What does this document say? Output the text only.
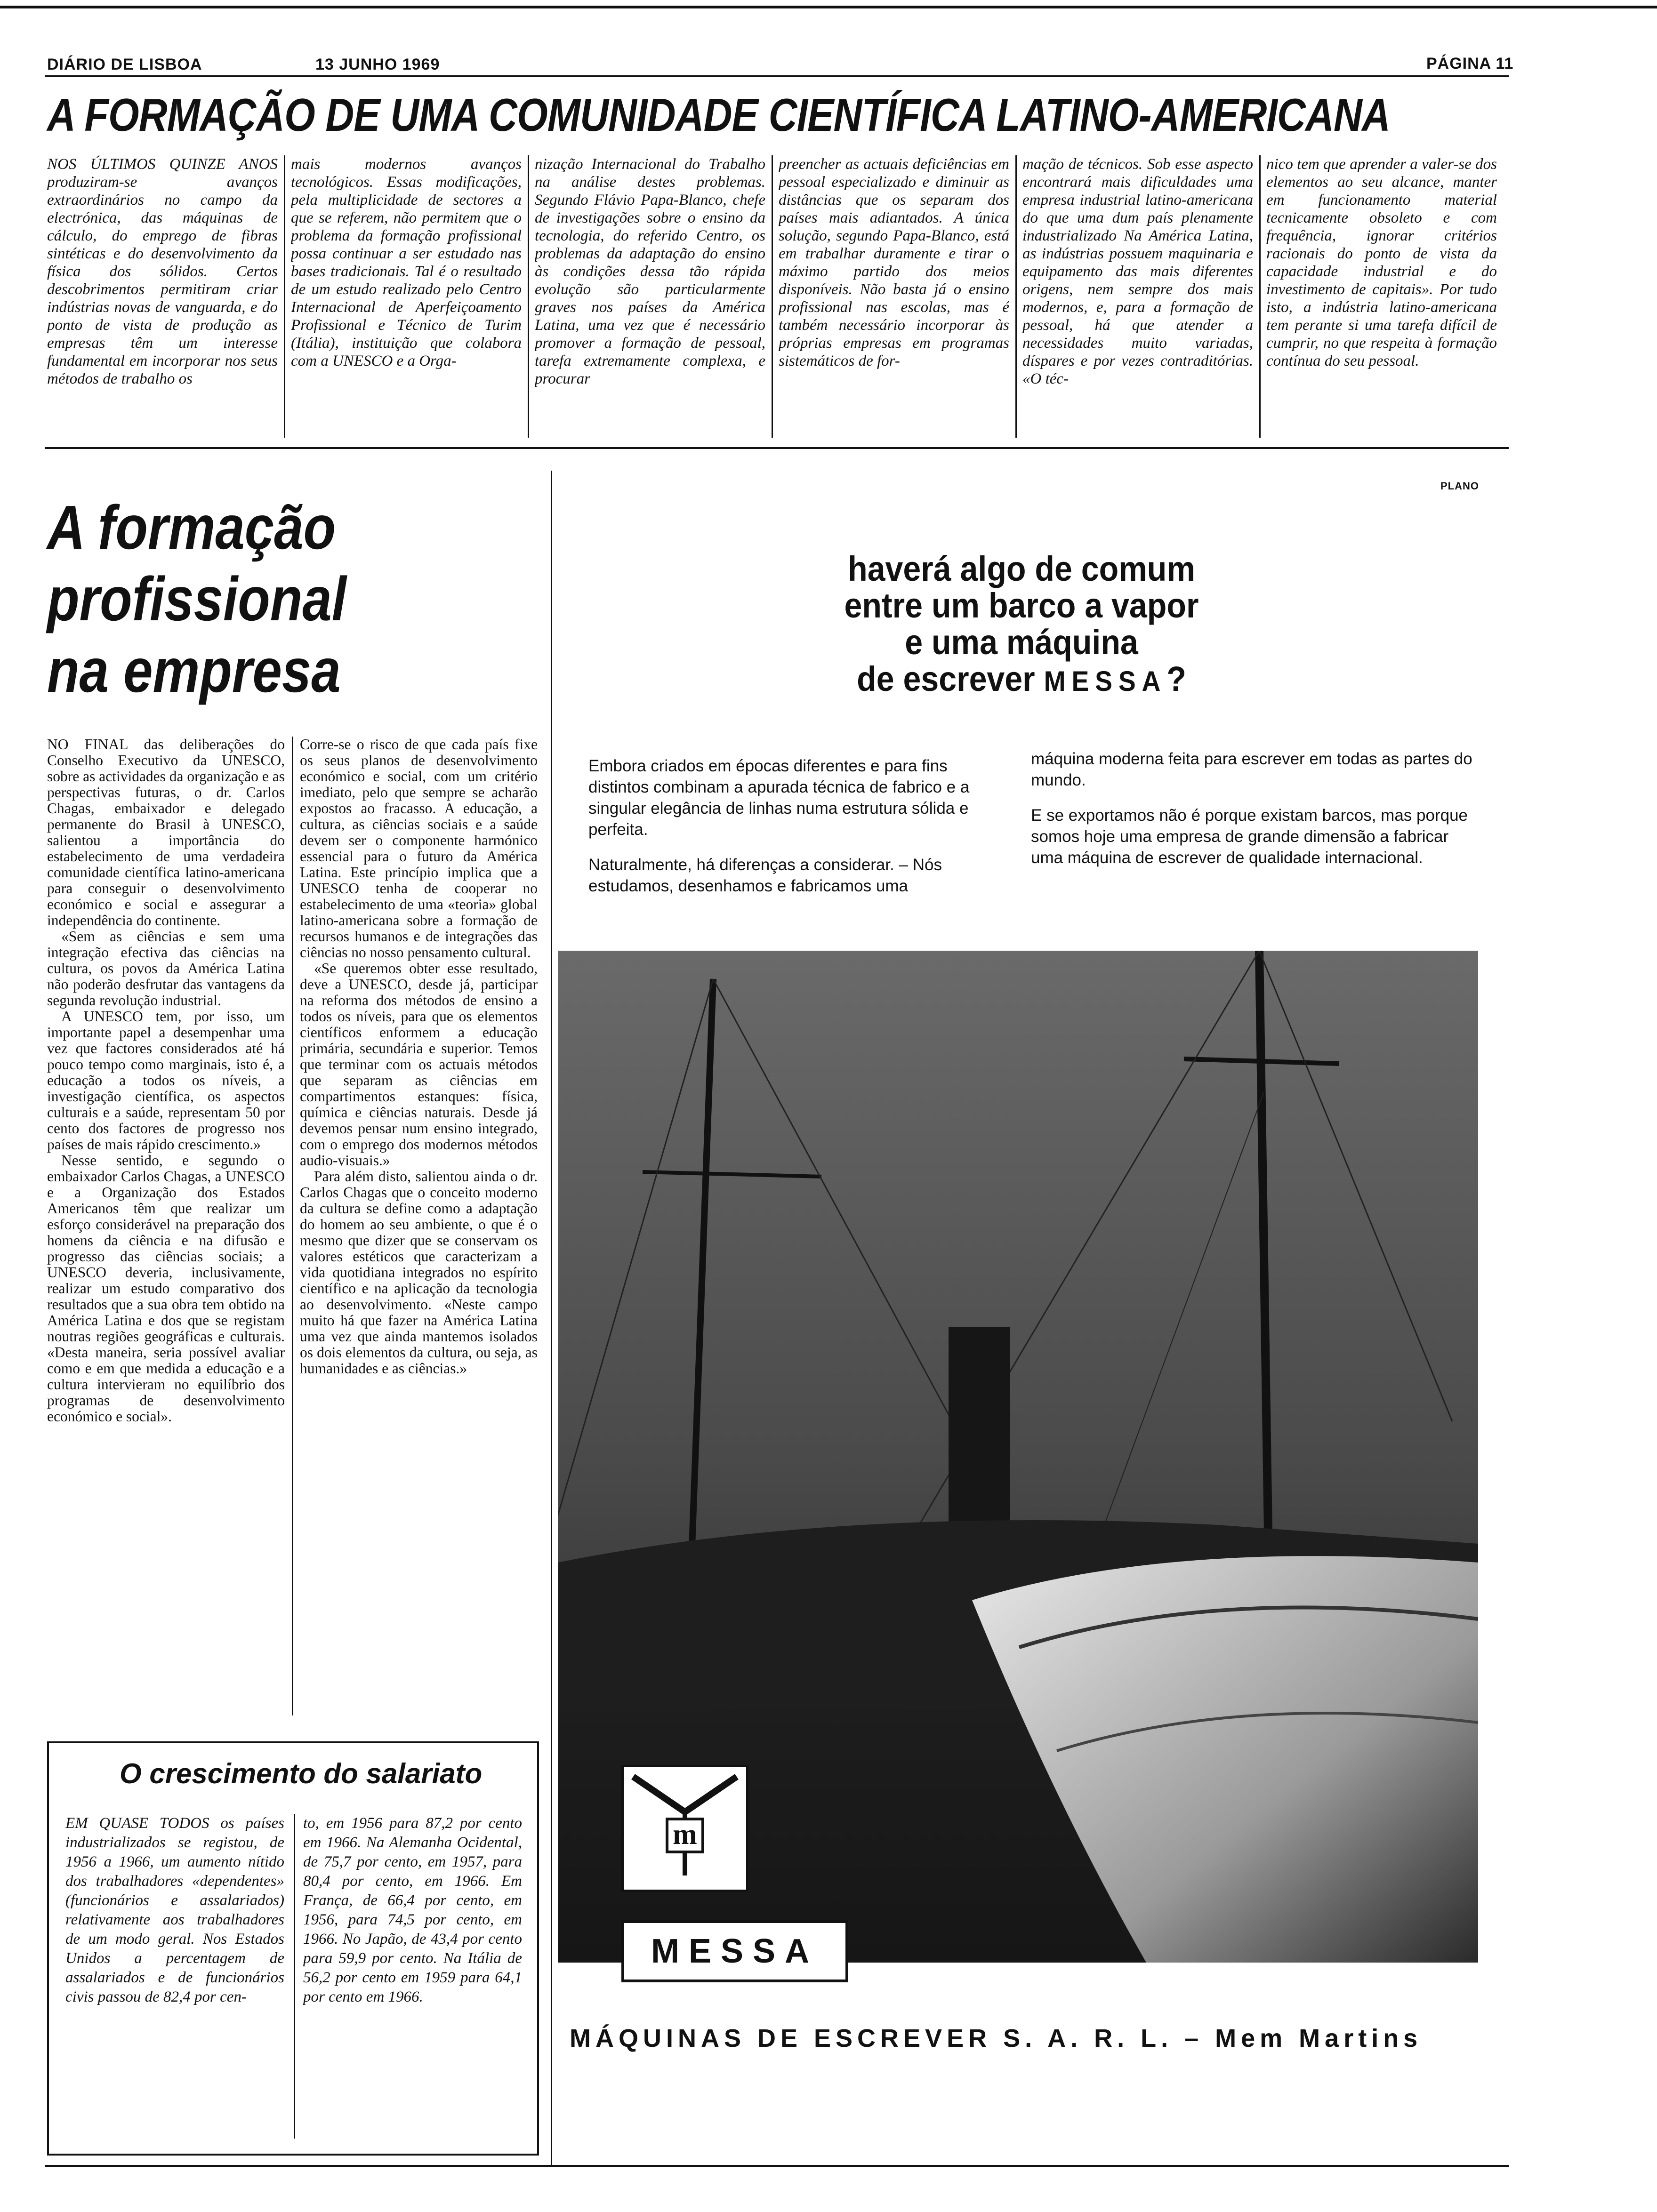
DIÁRIO DE LISBOA	13 JUNHO 1969	PÁGINA 11
A FORMAÇÃO DE UMA COMUNIDADE CIENTÍFICA LATINO-AMERICANA
NOS ÚLTIMOS QUINZE ANOS produziram-se avanços extraordinários no campo da electrónica, das máquinas de cálculo, do emprego de fibras sintéticas e do desenvolvimento da física dos sólidos. Certos descobrimentos permitiram criar indústrias novas de vanguarda, e do ponto de vista de produção as empresas têm um interesse fundamental em incorporar nos seus métodos de trabalho os
mais modernos avanços tecnológicos. Essas modificações, pela multiplicidade de sectores a que se referem, não permitem que o problema da formação profissional possa continuar a ser estudado nas bases tradicionais. Tal é o resultado de um estudo realizado pelo Centro Internacional de Aperfeiçoamento Profissional e Técnico de Turim (Itália), instituição que colabora com a UNESCO e a Orga-
nização Internacional do Trabalho na análise destes problemas. Segundo Flávio Papa-Blanco, chefe de investigações sobre o ensino da tecnologia, do referido Centro, os problemas da adaptação do ensino às condições dessa tão rápida evolução são particularmente graves nos países da América Latina, uma vez que é necessário promover a formação de pessoal, tarefa extremamente complexa, e procurar
preencher as actuais deficiências em pessoal especializado e diminuir as distâncias que os separam dos países mais adiantados. A única solução, segundo Papa-Blanco, está em trabalhar duramente e tirar o máximo partido dos meios disponíveis. Não basta já o ensino profissional nas escolas, mas é também necessário incorporar às próprias empresas em programas sistemáticos de for-
mação de técnicos. Sob esse aspecto encontrará mais dificuldades uma empresa industrial latino-americana do que uma dum país plenamente industrializado Na América Latina, as indústrias possuem maquinaria e equipamento das mais diferentes origens, nem sempre dos mais modernos, e, para a formação de pessoal, há que atender a necessidades muito variadas, díspares e por vezes contraditórias. «O téc-
nico tem que aprender a valer-se dos elementos ao seu alcance, manter em funcionamento material tecnicamente obsoleto e com frequência, ignorar critérios racionais do ponto de vista da capacidade industrial e do investimento de capitais». Por tudo isto, a indústria latino-americana tem perante si uma tarefa difícil de cumprir, no que respeita à formação contínua do seu pessoal.
A formação
profissional
na empresa

NO FINAL das deliberações do Conselho Executivo da UNESCO, sobre as actividades da organização e as perspectivas futuras, o dr. Carlos Chagas, embaixador e delegado permanente do Brasil à UNESCO, salientou a importância do estabelecimento de uma verdadeira comunidade científica latino-americana para conseguir o desenvolvimento económico e social e assegurar a independência do continente.

«Sem as ciências e sem uma integração efectiva das ciências na cultura, os povos da América Latina não poderão desfrutar das vantagens da segunda revolução industrial.

A UNESCO tem, por isso, um importante papel a desempenhar uma vez que factores considerados até há pouco tempo como marginais, isto é, a educação a todos os níveis, a investigação científica, os aspectos culturais e a saúde, representam 50 por cento dos factores de progresso nos países de mais rápido crescimento.»

Nesse sentido, e segundo o embaixador Carlos Chagas, a UNESCO e a Organização dos Estados Americanos têm que realizar um esforço considerável na preparação dos homens da ciência e na difusão e progresso das ciências sociais; a UNESCO deveria, inclusivamente, realizar um estudo comparativo dos resultados que a sua obra tem obtido na América Latina e dos que se registam noutras regiões geográficas e culturais. «Desta maneira, seria possível avaliar como e em que medida a educação e a cultura intervieram no equilíbrio dos programas de desenvolvimento económico e social».

Corre-se o risco de que cada país fixe os seus planos de desenvolvimento económico e social, com um critério imediato, pelo que sempre se acharão expostos ao fracasso. A educação, a cultura, as ciências sociais e a saúde devem ser o componente harmónico essencial para o futuro da América Latina. Este princípio implica que a UNESCO tenha de cooperar no estabelecimento de uma «teoria» global latino-americana sobre a formação de recursos humanos e de integrações das ciências no nosso pensamento cultural.

«Se queremos obter esse resultado, deve a UNESCO, desde já, participar na reforma dos métodos de ensino a todos os níveis, para que os elementos científicos enformem a educação primária, secundária e superior. Temos que terminar com os actuais métodos que separam as ciências em compartimentos estanques: física, química e ciências naturais. Desde já devemos pensar num ensino integrado, com o emprego dos modernos métodos audio-visuais.»

Para além disto, salientou ainda o dr. Carlos Chagas que o conceito moderno da cultura se define como a adaptação do homem ao seu ambiente, o que é o mesmo que dizer que se conservam os valores estéticos que caracterizam a vida quotidiana integrados no espírito científico e na aplicação da tecnologia ao desenvolvimento. «Neste campo muito há que fazer na América Latina uma vez que ainda mantemos isolados os dois elementos da cultura, ou seja, as humanidades e as ciências.»

O crescimento do salariato
EM QUASE TODOS os países industrializados se registou, de 1956 a 1966, um aumento nítido dos trabalhadores «dependentes» (funcionários e assalariados) relativamente aos trabalhadores de um modo geral. Nos Estados Unidos a percentagem de assalariados e de funcionários civis passou de 82,4 por cen-
to, em 1956 para 87,2 por cento em 1966. Na Alemanha Ocidental, de 75,7 por cento, em 1957, para 80,4 por cento, em 1966. Em França, de 66,4 por cento, em 1956, para 74,5 por cento, em 1966. No Japão, de 43,4 por cento para 59,9 por cento. Na Itália de 56,2 por cento em 1959 para 64,1 por cento em 1966.
PLANO
haverá algo de comum
entre um barco a vapor
e uma máquina
de escrever MESSA?

Embora criados em épocas diferentes e para fins distintos combinam a apurada técnica de fabrico e a singular elegância de linhas numa estrutura sólida e perfeita.

Naturalmente, há diferenças a considerar. – Nós estudamos, desenhamos e fabricamos uma

máquina moderna feita para escrever em todas as partes do mundo.

E se exportamos não é porque existam barcos, mas porque somos hoje uma empresa de grande dimensão a fabricar uma máquina de escrever de qualidade internacional.

m
MESSA
MÁQUINAS DE ESCREVER S. A. R. L. – Mem Martins
